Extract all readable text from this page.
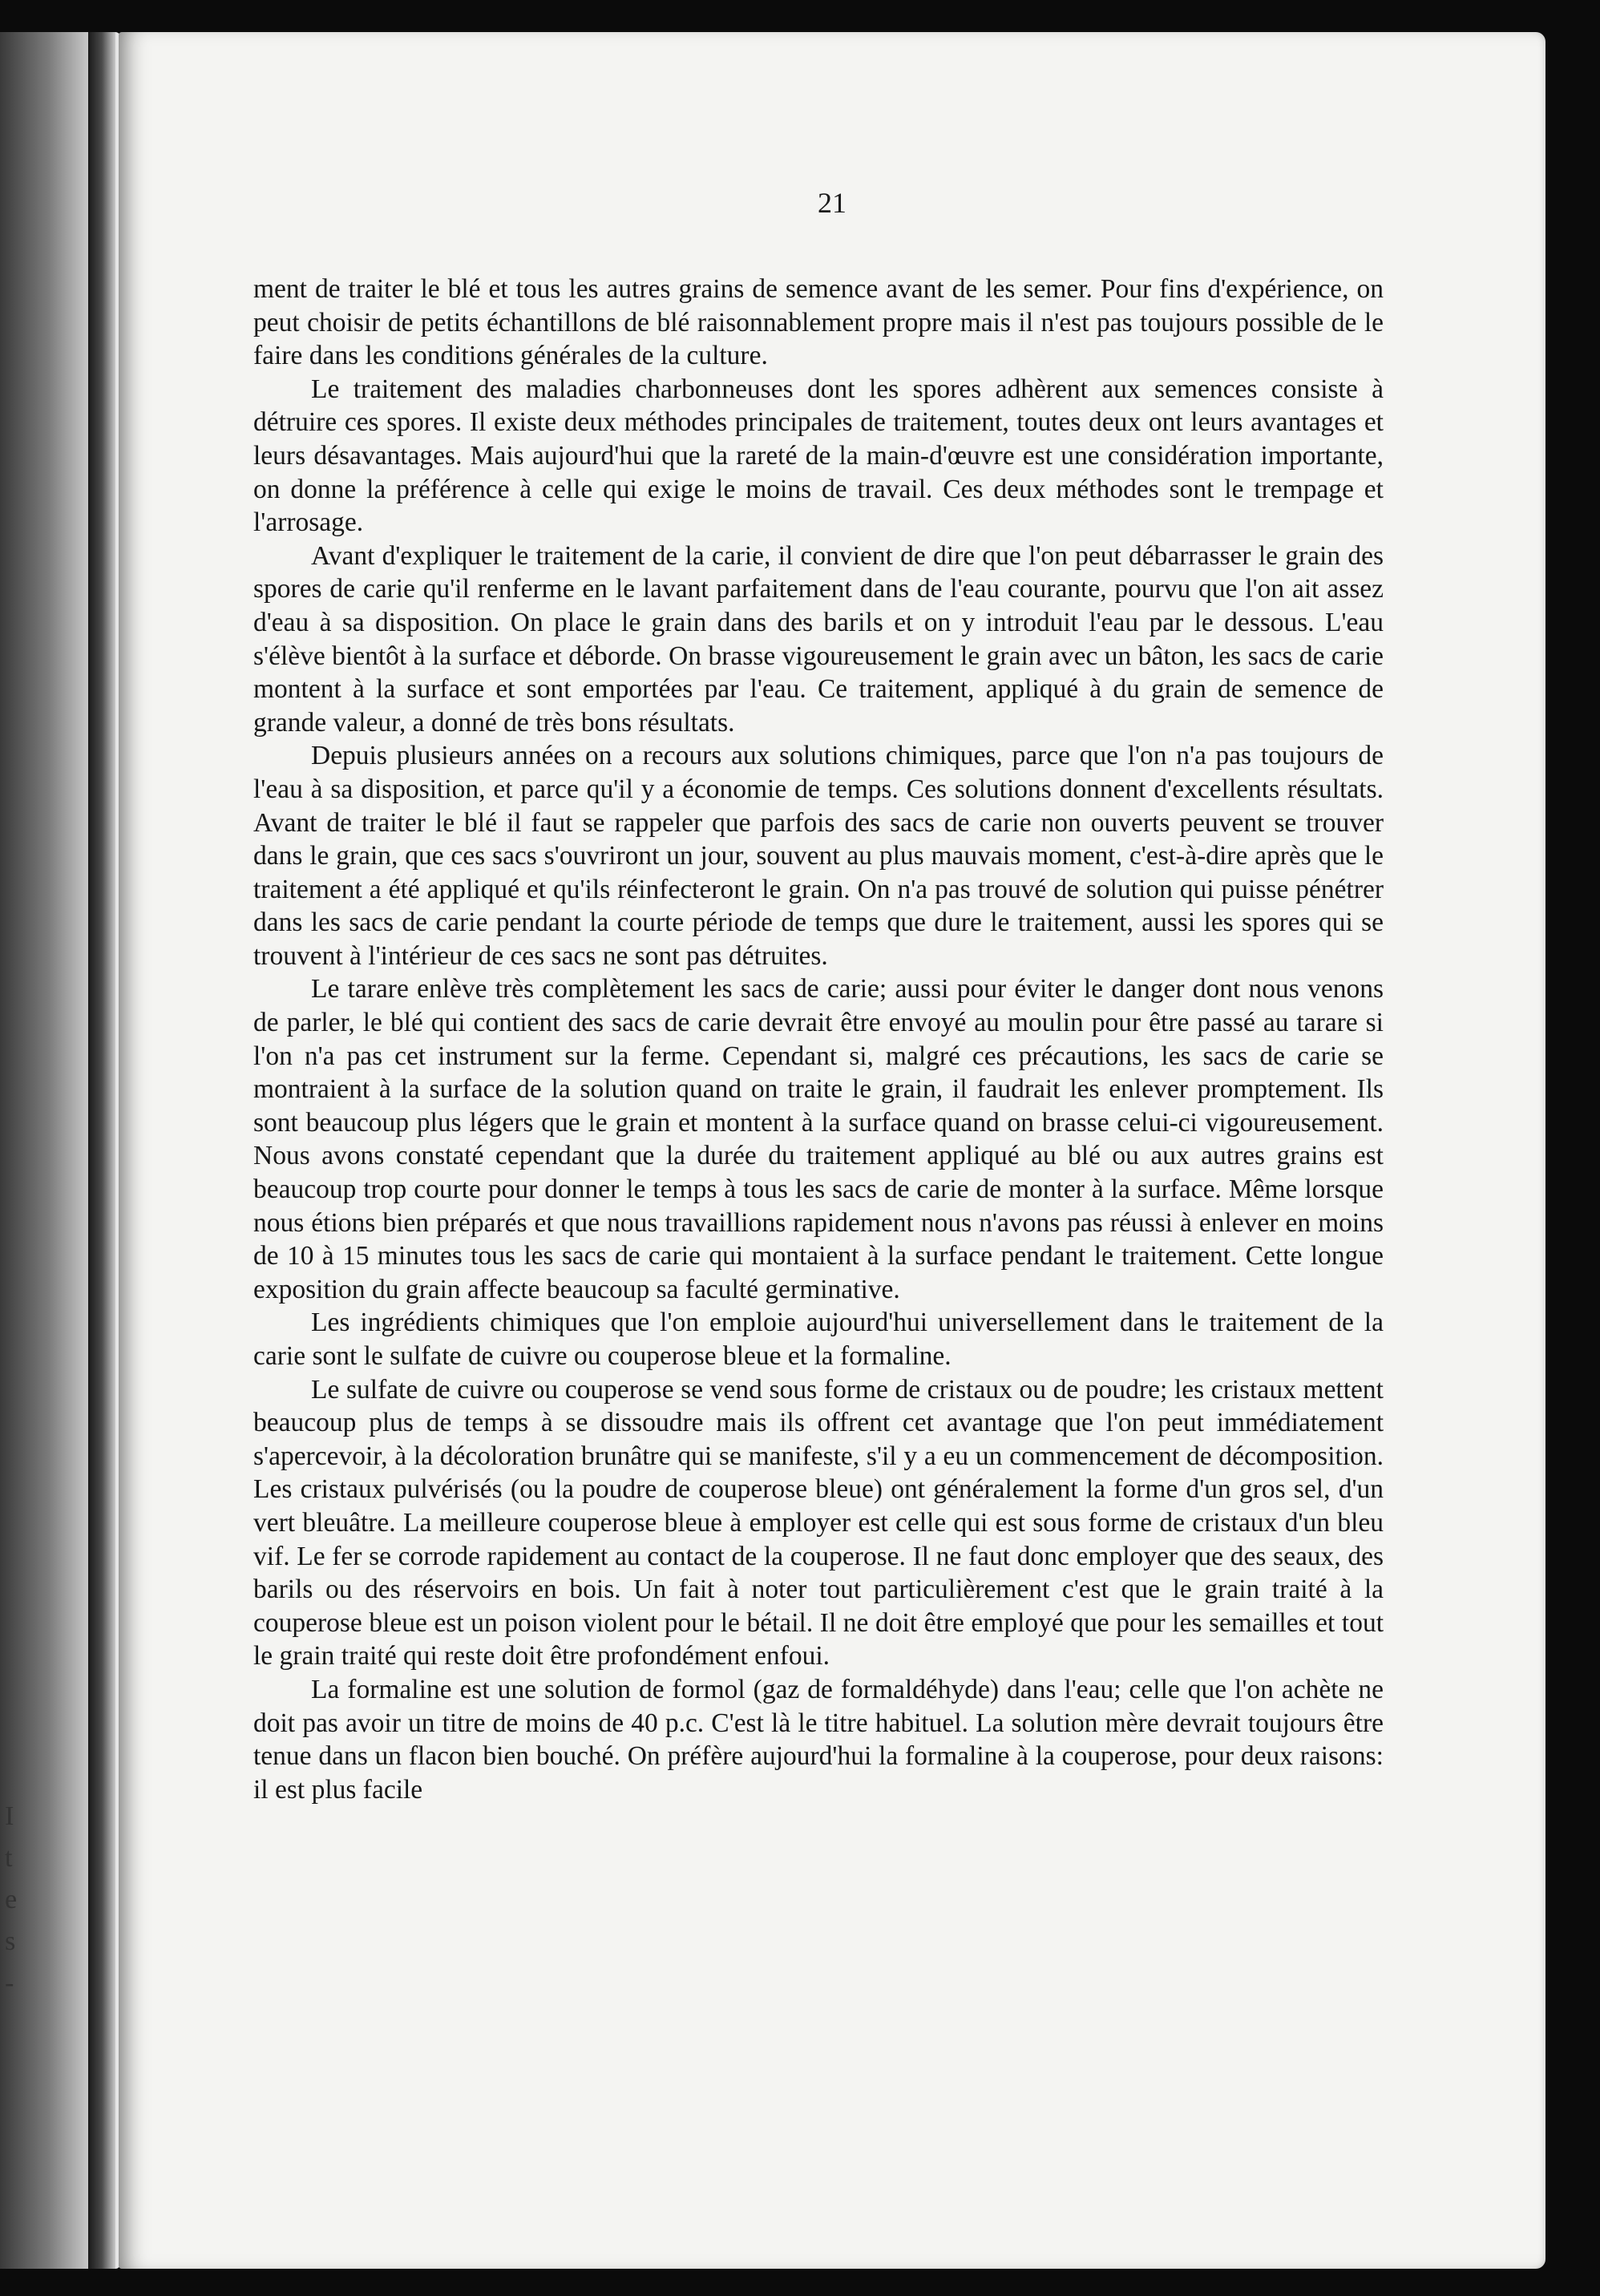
I
t
e
s
-
21

ment de traiter le blé et tous les autres grains de semence avant de les semer. Pour fins d'expérience, on peut choisir de petits échantillons de blé raisonnablement propre mais il n'est pas toujours possible de le faire dans les conditions générales de la culture.

Le traitement des maladies charbonneuses dont les spores adhèrent aux semences consiste à détruire ces spores. Il existe deux méthodes principales de traitement, toutes deux ont leurs avantages et leurs désavantages. Mais aujourd'hui que la rareté de la main-d'œuvre est une considération importante, on donne la préférence à celle qui exige le moins de travail. Ces deux méthodes sont le trempage et l'arrosage.

Avant d'expliquer le traitement de la carie, il convient de dire que l'on peut débarrasser le grain des spores de carie qu'il renferme en le lavant parfaitement dans de l'eau courante, pourvu que l'on ait assez d'eau à sa disposition. On place le grain dans des barils et on y introduit l'eau par le dessous. L'eau s'élève bientôt à la surface et déborde. On brasse vigoureusement le grain avec un bâton, les sacs de carie montent à la surface et sont emportées par l'eau. Ce traitement, appliqué à du grain de semence de grande valeur, a donné de très bons résultats.

Depuis plusieurs années on a recours aux solutions chimiques, parce que l'on n'a pas toujours de l'eau à sa disposition, et parce qu'il y a économie de temps. Ces solutions donnent d'excellents résultats. Avant de traiter le blé il faut se rappeler que parfois des sacs de carie non ouverts peuvent se trouver dans le grain, que ces sacs s'ouvriront un jour, souvent au plus mauvais moment, c'est-à-dire après que le traitement a été appliqué et qu'ils réinfecteront le grain. On n'a pas trouvé de solution qui puisse pénétrer dans les sacs de carie pendant la courte période de temps que dure le traitement, aussi les spores qui se trouvent à l'intérieur de ces sacs ne sont pas détruites.

Le tarare enlève très complètement les sacs de carie; aussi pour éviter le danger dont nous venons de parler, le blé qui contient des sacs de carie devrait être envoyé au moulin pour être passé au tarare si l'on n'a pas cet instrument sur la ferme. Cependant si, malgré ces précautions, les sacs de carie se montraient à la surface de la solution quand on traite le grain, il faudrait les enlever promptement. Ils sont beaucoup plus légers que le grain et montent à la surface quand on brasse celui-ci vigoureusement. Nous avons constaté cependant que la durée du traitement appliqué au blé ou aux autres grains est beaucoup trop courte pour donner le temps à tous les sacs de carie de monter à la surface. Même lorsque nous étions bien préparés et que nous travaillions rapidement nous n'avons pas réussi à enlever en moins de 10 à 15 minutes tous les sacs de carie qui montaient à la surface pendant le traitement. Cette longue exposition du grain affecte beaucoup sa faculté germinative.

Les ingrédients chimiques que l'on emploie aujourd'hui universellement dans le traitement de la carie sont le sulfate de cuivre ou couperose bleue et la formaline.

Le sulfate de cuivre ou couperose se vend sous forme de cristaux ou de poudre; les cristaux mettent beaucoup plus de temps à se dissoudre mais ils offrent cet avantage que l'on peut immédiatement s'apercevoir, à la décoloration brunâtre qui se manifeste, s'il y a eu un commencement de décomposition. Les cristaux pulvérisés (ou la poudre de couperose bleue) ont généralement la forme d'un gros sel, d'un vert bleuâtre. La meilleure couperose bleue à employer est celle qui est sous forme de cristaux d'un bleu vif. Le fer se corrode rapidement au contact de la couperose. Il ne faut donc employer que des seaux, des barils ou des réservoirs en bois. Un fait à noter tout particulièrement c'est que le grain traité à la couperose bleue est un poison violent pour le bétail. Il ne doit être employé que pour les semailles et tout le grain traité qui reste doit être profondément enfoui.

La formaline est une solution de formol (gaz de formaldéhyde) dans l'eau; celle que l'on achète ne doit pas avoir un titre de moins de 40 p.c. C'est là le titre habituel. La solution mère devrait toujours être tenue dans un flacon bien bouché. On préfère aujourd'hui la formaline à la couperose, pour deux raisons: il est plus facile
